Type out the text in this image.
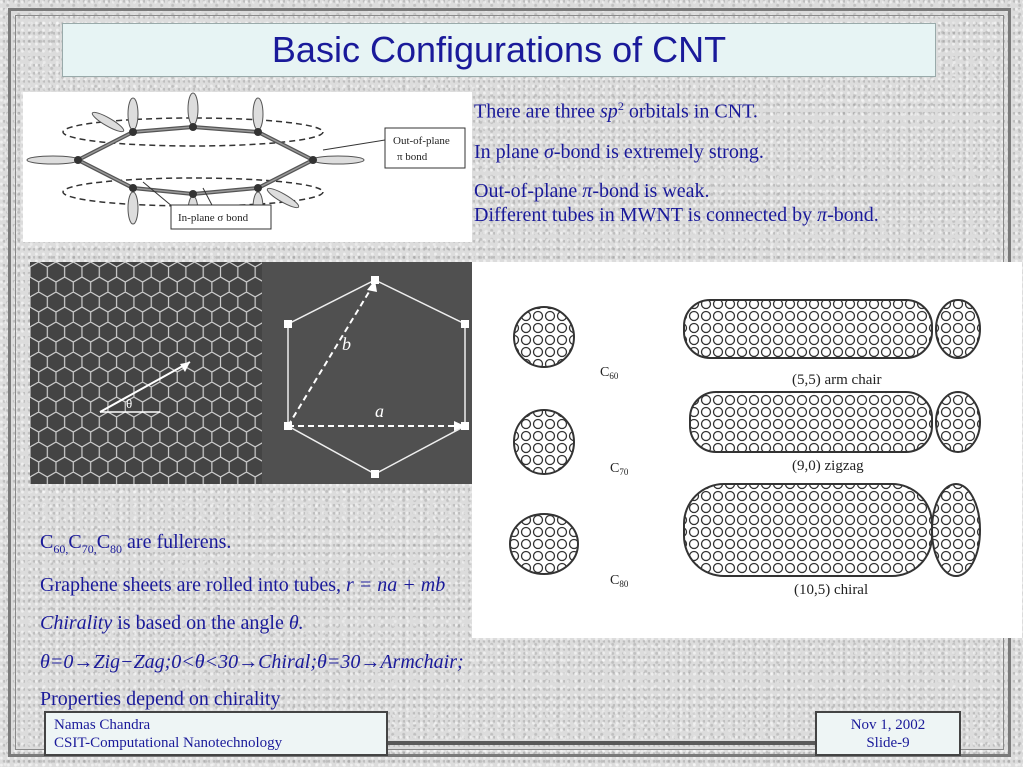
Basic Configurations of CNT
Out-of-plane
π bond
In-plane σ bond
There are three $sp^2$ orbitals in CNT.
In plane σ-bond is extremely strong.
Out-of-plane π-bond is weak.
Different tubes in MWNT is connected by π-bond.
θ
b
a
$C_{60}$
$C_{70}$
$C_{80}$
(5,5) arm chair
(9,0) zigzag
(10,5) chiral
$C_{60,}C_{70,}C_{80}$ are fullerens.
Graphene sheets are rolled into tubes, r = na + mb
Chirality is based on the angle θ.
θ=0→Zig−Zag;0<θ<30→Chiral;θ=30→Armchair;
Properties depend on chirality
Namas Chandra
CSIT-Computational Nanotechnology
Nov 1, 2002
Slide-9
